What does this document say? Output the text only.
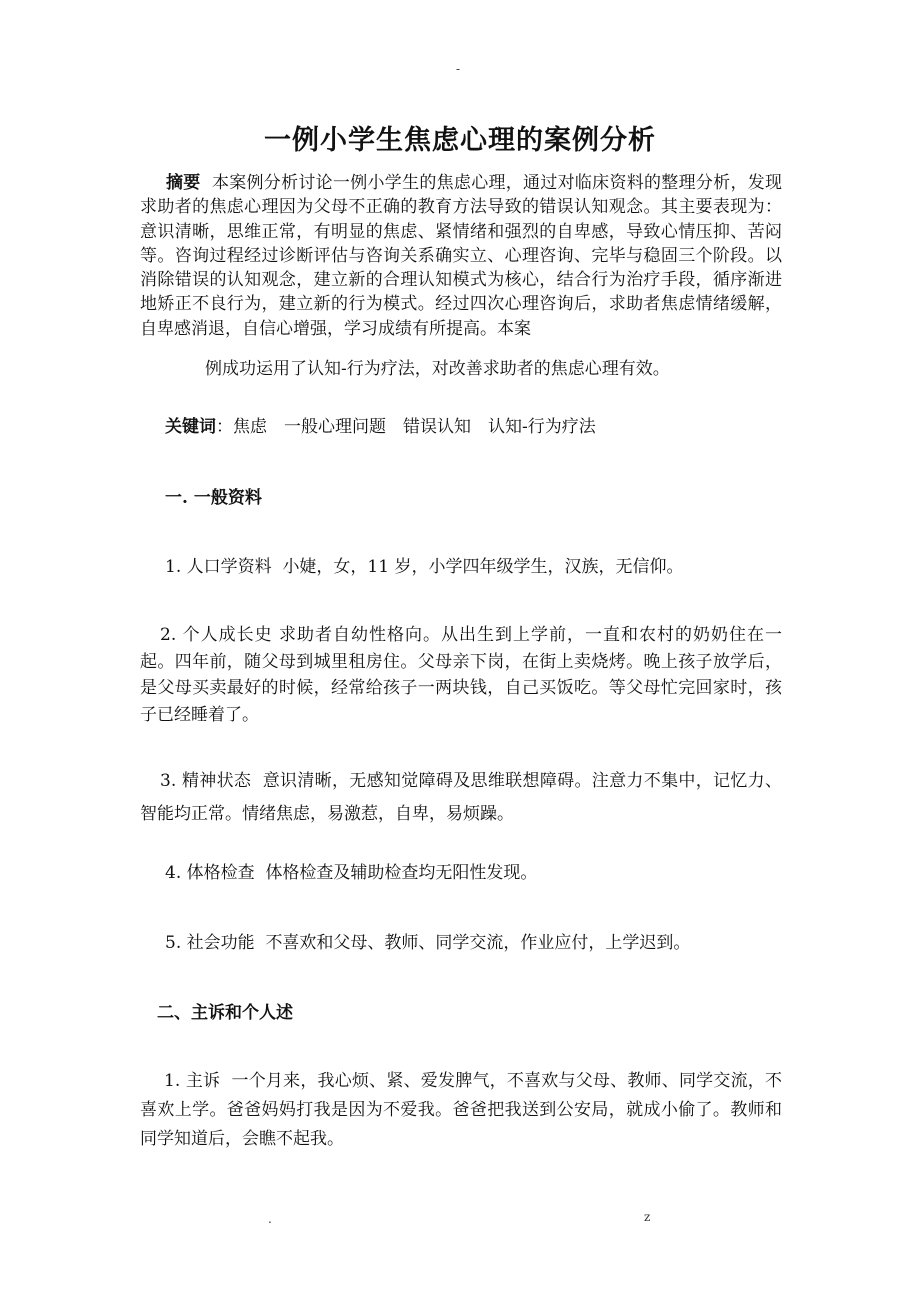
-
一例小学生焦虑心理的案例分析

摘要 本案例分析讨论一例小学生的焦虑心理，通过对临床资料的整理分析，发现求助者的焦虑心理因为父母不正确的教育方法导致的错误认知观念。其主要表现为：意识清晰，思维正常，有明显的焦虑、紧情绪和强烈的自卑感，导致心情压抑、苦闷等。咨询过程经过诊断评估与咨询关系确实立、心理咨询、完毕与稳固三个阶段。以消除错误的认知观念，建立新的合理认知模式为核心，结合行为治疗手段，循序渐进地矫正不良行为，建立新的行为模式。经过四次心理咨询后，求助者焦虑情绪缓解，自卑感消退，自信心增强，学习成绩有所提高。本案

例成功运用了认知-行为疗法，对改善求助者的焦虑心理有效。
关键词：焦虑　一般心理问题　错误认知　认知-行为疗法
一. 一般资料
1. 人口学资料 小婕，女，11 岁，小学四年级学生，汉族，无信仰。

2. 个人成长史 求助者自幼性格向。从出生到上学前，一直和农村的奶奶住在一起。四年前，随父母到城里租房住。父母亲下岗，在街上卖烧烤。晚上孩子放学后，是父母买卖最好的时候，经常给孩子一两块钱，自己买饭吃。等父母忙完回家时，孩子已经睡着了。

3. 精神状态 意识清晰，无感知觉障碍及思维联想障碍。注意力不集中，记忆力、智能均正常。情绪焦虑，易激惹，自卑，易烦躁。

4. 体格检查 体格检查及辅助检查均无阳性发现。
5. 社会功能 不喜欢和父母、教师、同学交流，作业应付，上学迟到。
二、主诉和个人述

1. 主诉 一个月来，我心烦、紧、爱发脾气，不喜欢与父母、教师、同学交流，不喜欢上学。爸爸妈妈打我是因为不爱我。爸爸把我送到公安局，就成小偷了。教师和同学知道后，会瞧不起我。

.	z
